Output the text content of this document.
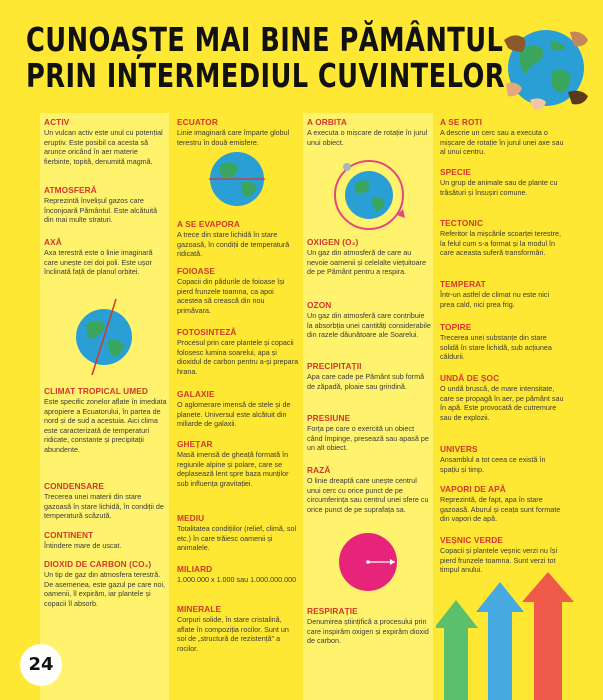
CUNOAȘTE MAI BINE PĂMÂNTUL
PRIN INTERMEDIUL CUVINTELOR
ACTIV
Un vulcan activ este unul cu potențial eruptiv. Este posibil ca acesta să arunce oricând în aer materie fierbinte, topită, denumită magmă.
ATMOSFERĂ
Reprezintă învelișul gazos care înconjoară Pământul. Este alcătuită din mai multe straturi.
AXĂ
Axa terestră este o linie imaginară care unește cei doi poli. Este ușor înclinată față de planul orbitei.
CLIMAT TROPICAL UMED
Este specific zonelor aflate în imediata apropiere a Ecuatorului, în partea de nord și de sud a acestuia. Aici clima este caracterizată de temperaturi ridicate, constante și precipitații abundente.
CONDENSARE
Trecerea unei materii din stare gazoasă în stare lichidă, în condiții de temperatură scăzută.
CONTINENT
Întindere mare de uscat.
DIOXID DE CARBON (CO₂)
Un tip de gaz din atmosfera terestră. De asemenea, este gazul pe care noi, oamenii, îl expirăm, iar plantele și copacii îl absorb.
ECUATOR
Linie imaginară care împarte globul terestru în două emisfere.
A SE EVAPORA
A trece din stare lichidă în stare gazoasă, în condiții de temperatură ridicată.
FOIOASE
Copacii din pădurile de foioase își pierd frunzele toamna, ca apoi acestea să crească din nou primăvara.
FOTOSINTEZĂ
Procesul prin care plantele și copacii folosesc lumina soarelui, apa și dioxidul de carbon pentru a-și prepara hrana.
GALAXIE
O aglomerare imensă de stele și de planete. Universul este alcătuit din miliarde de galaxii.
GHEȚAR
Masă imensă de gheață formată în regiunile alpine și polare, care se deplasează lent spre baza munților sub influența gravitației.
MEDIU
Totalitatea condițiilor (relief, climă, sol etc.) în care trăiesc oamenii și animalele.
MILIARD
1.000.000 x 1.000 sau 1.000.000.000
MINERALE
Corpuri solide, în stare cristalină, aflate în compoziția rocilor. Sunt un soi de „structură de rezistență” a rocilor.
A ORBITA
A executa o mișcare de rotație în jurul unui obiect.
OXIGEN (O₂)
Un gaz din atmosferă de care au nevoie oamenii și celelalte viețuitoare de pe Pământ pentru a respira.
OZON
Un gaz din atmosferă care contribuie la absorbția unei cantități considerabile din razele dăunătoare ale Soarelui.
PRECIPITAȚII
Apa care cade pe Pământ sub formă de zăpadă, ploaie sau grindină.
PRESIUNE
Forța pe care o exercită un obiect când împinge, presează sau apasă pe un alt obiect.
RAZĂ
O linie dreaptă care unește centrul unui cerc cu orice punct de pe circumferința sau centrul unei sfere cu orice punct de pe suprafața sa.
RESPIRAȚIE
Denumirea științifică a procesului prin care inspirăm oxigen și expirăm dioxid de carbon.
A SE ROTI
A descrie un cerc sau a executa o mișcare de rotație în jurul unei axe sau al unui centru.
SPECIE
Un grup de animale sau de plante cu trăsături și însușiri comune.
TECTONIC
Referitor la mișcările scoarței terestre, la felul cum s-a format și la modul în care aceasta suferă transformări.
TEMPERAT
Într-un astfel de climat nu este nici prea cald, nici prea frig.
TOPIRE
Trecerea unei substanțe din stare solidă în stare lichidă, sub acțiunea căldurii.
UNDĂ DE ȘOC
O undă bruscă, de mare intensitate, care se propagă în aer, pe pământ sau în apă. Este provocată de cutremure sau de explozii.
UNIVERS
Ansamblul a tot ceea ce există în spațiu și timp.
VAPORI DE APĂ
Reprezintă, de fapt, apa în stare gazoasă. Aburul și ceața sunt formate din vapori de apă.
VEȘNIC VERDE
Copacii și plantele veșnic verzi nu își pierd frunzele toamna. Sunt verzi tot timpul anului.
24
